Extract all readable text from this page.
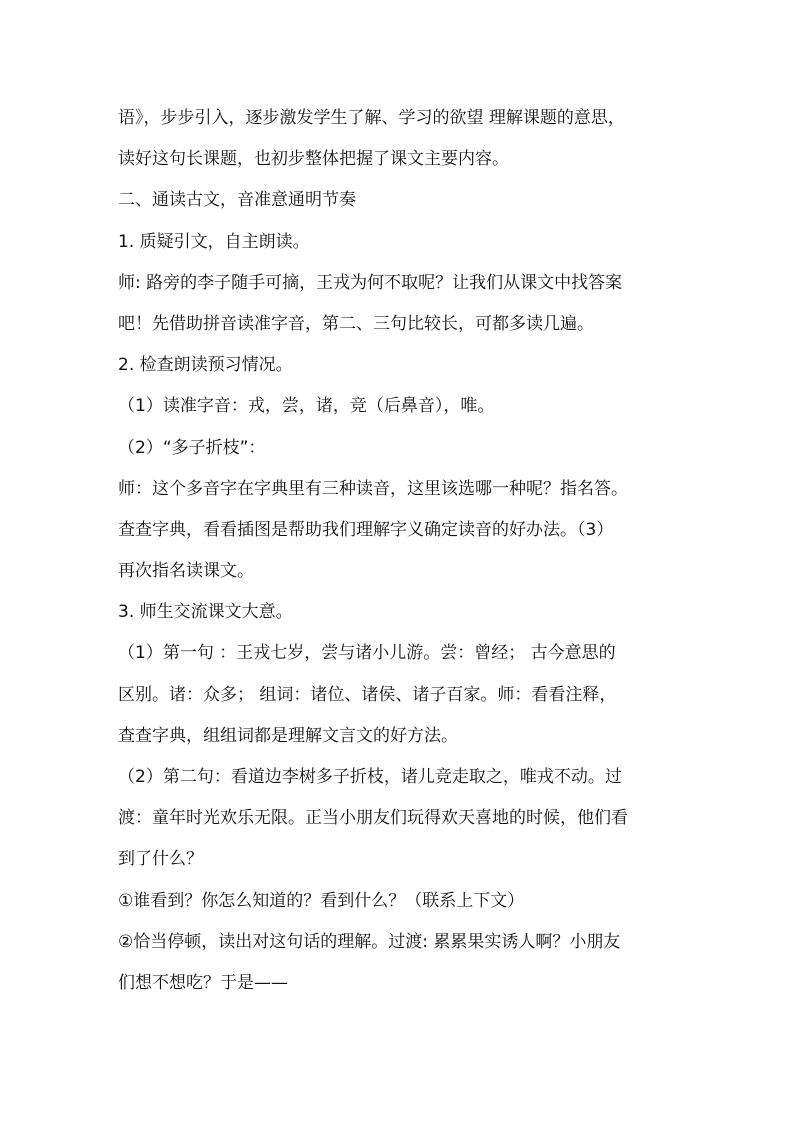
语》，步步引入，逐步激发学生了解、学习的欲望 理解课题的意思，
读好这句长课题，也初步整体把握了课文主要内容。
二、通读古文，音准意通明节奏
1. 质疑引文，自主朗读。
师: 路旁的李子随手可摘，王戎为何不取呢？让我们从课文中找答案
吧！先借助拼音读准字音，第二、三句比较长，可都多读几遍。
2. 检查朗读预习情况。
（1）读准字音：戎，尝，诸，竞（后鼻音），唯。
（2）“多子折枝”：
师：这个多音字在字典里有三种读音，这里该选哪一种呢？指名答。
查查字典，看看插图是帮助我们理解字义确定读音的好办法。（3）
再次指名读课文。
3. 师生交流课文大意。
（1）第一句 ：王戎七岁，尝与诸小儿游。尝：曾经； 古今意思的
区别。诸：众多； 组词：诸位、诸侯、诸子百家。师：看看注释，
查查字典，组组词都是理解文言文的好方法。
（2）第二句：看道边李树多子折枝，诸儿竞走取之，唯戎不动。过
渡：童年时光欢乐无限。正当小朋友们玩得欢天喜地的时候，他们看
到了什么？
①谁看到？你怎么知道的？看到什么？（联系上下文）
②恰当停顿，读出对这句话的理解。过渡: 累累果实诱人啊？小朋友
们想不想吃？于是——
